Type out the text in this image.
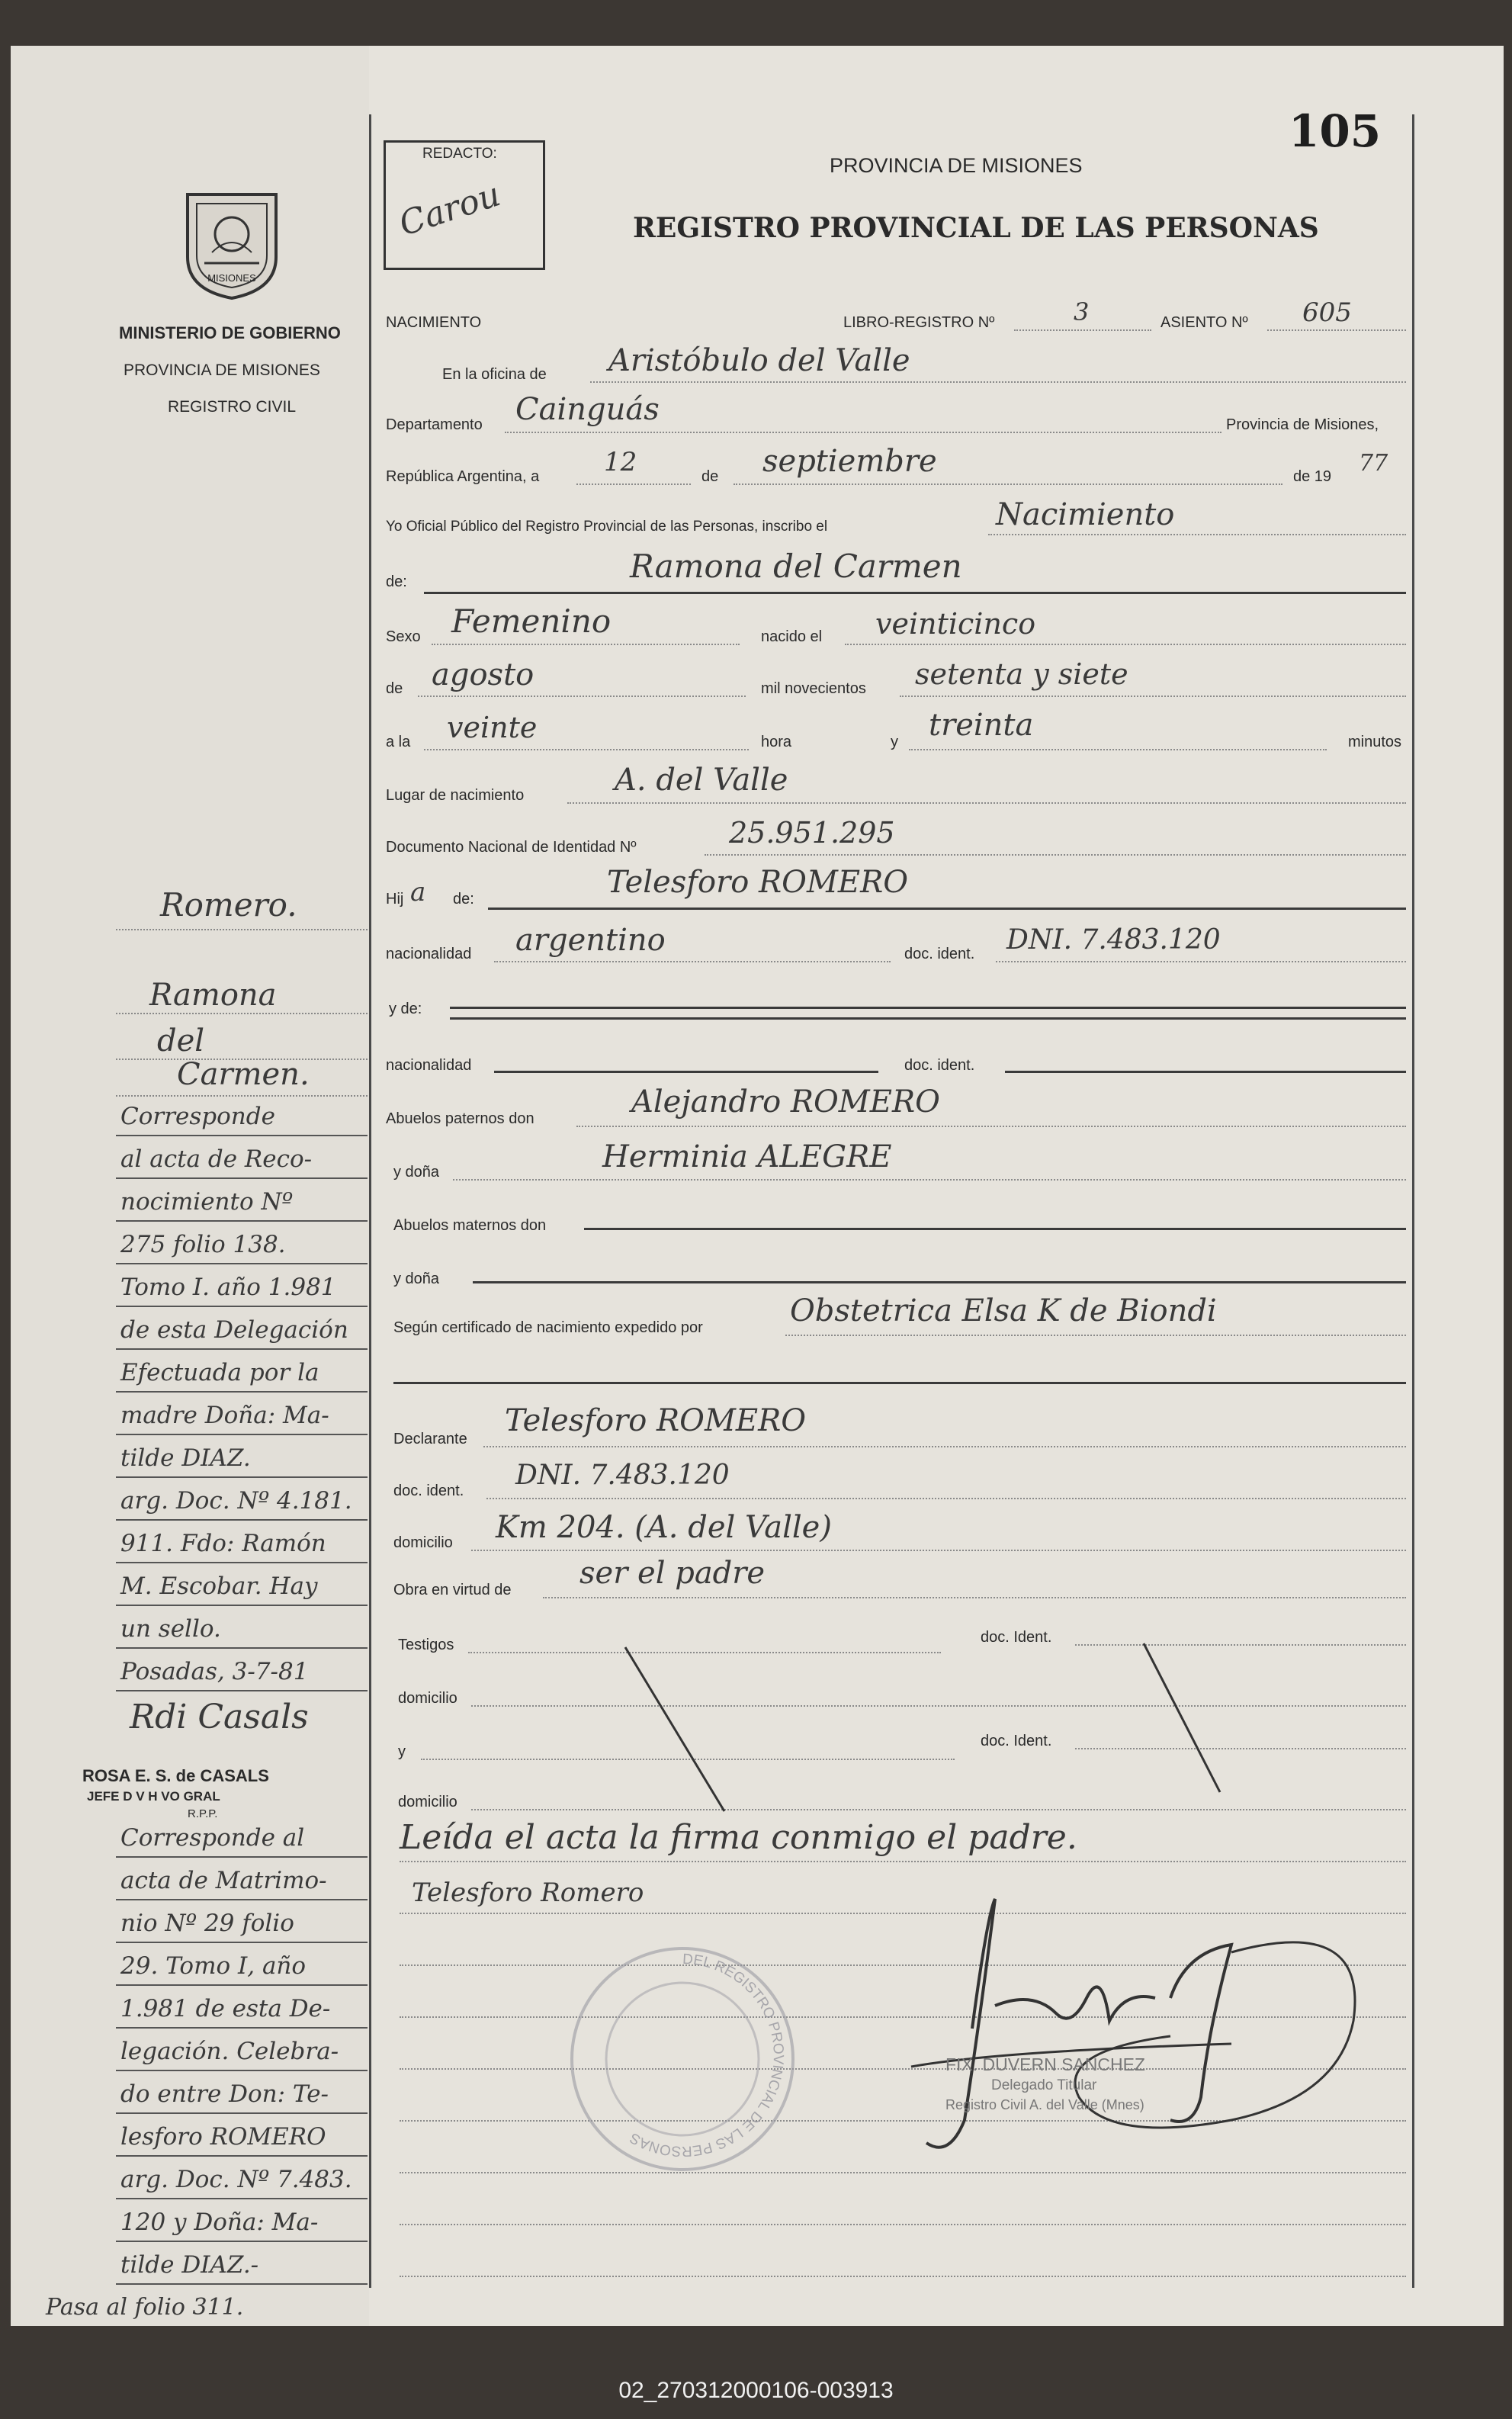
105
REDACTO:
Carou
PROVINCIA DE MISIONES
REGISTRO PROVINCIAL DE LAS PERSONAS
MISIONES
MINISTERIO DE GOBIERNO
PROVINCIA DE MISIONES
REGISTRO CIVIL
NACIMIENTO	LIBRO-REGISTRO Nº	3	ASIENTO Nº 605
En la oficina de Aristóbulo del Valle
Departamento Cainguás	Provincia de Misiones,
República Argentina, a 12	de septiembre	de 19 77
Yo Oficial Público del Registro Provincial de las Personas, inscribo el	Nacimiento
de:	Ramona del Carmen
Sexo Femenino	nacido el veinticinco
de agosto	mil novecientos setenta y siete
a la veinte	hora	y treinta	minutos
Lugar de nacimiento	A. del Valle
Documento Nacional de Identidad Nº	25.951.295
Hij a de:	Telesforo ROMERO
nacionalidad argentino	doc. ident. DNI. 7.483.120
y de:
nacionalidad	doc. ident.
Abuelos paternos don	Alejandro ROMERO
y doña	Herminia ALEGRE
Abuelos maternos don
y doña
Según certificado de nacimiento expedido por	Obstetrica Elsa K de Biondi
Declarante
Telesforo ROMERO
doc. ident. DNI. 7.483.120
domicilio Km 204. (A. del Valle)
Obra en virtud de ser el padre
Testigos	doc. Ident.
domicilio
y
doc. Ident.
domicilio
Leída el acta la firma conmigo el padre.
Telesforo Romero
DEL REGISTRO PROVINCIAL DE LAS PERSONAS
FIX. DUVERN SANCHEZ
Delegado Titular
Registro Civil A. del Valle (Mnes)
Romero.
Ramona
del
Carmen.
Corresponde
al acta de Reco-
nocimiento Nº
275 folio 138.
Tomo I. año 1.981
de esta Delegación
Efectuada por la
madre Doña: Ma-
tilde DIAZ.
arg. Doc. Nº 4.181.
911. Fdo: Ramón
M. Escobar. Hay
un sello.
Posadas, 3-7-81
Rdi Casals
ROSA E. S. de CASALS
JEFE D V H VO GRAL
R.P.P.
Corresponde al
acta de Matrimo-
nio Nº 29 folio
29. Tomo I, año
1.981 de esta De-
legación. Celebra-
do entre Don: Te-
lesforo ROMERO
arg. Doc. Nº 7.483.
120 y Doña: Ma-
tilde DIAZ.-
Pasa al folio 311.
02_270312000106-003913
